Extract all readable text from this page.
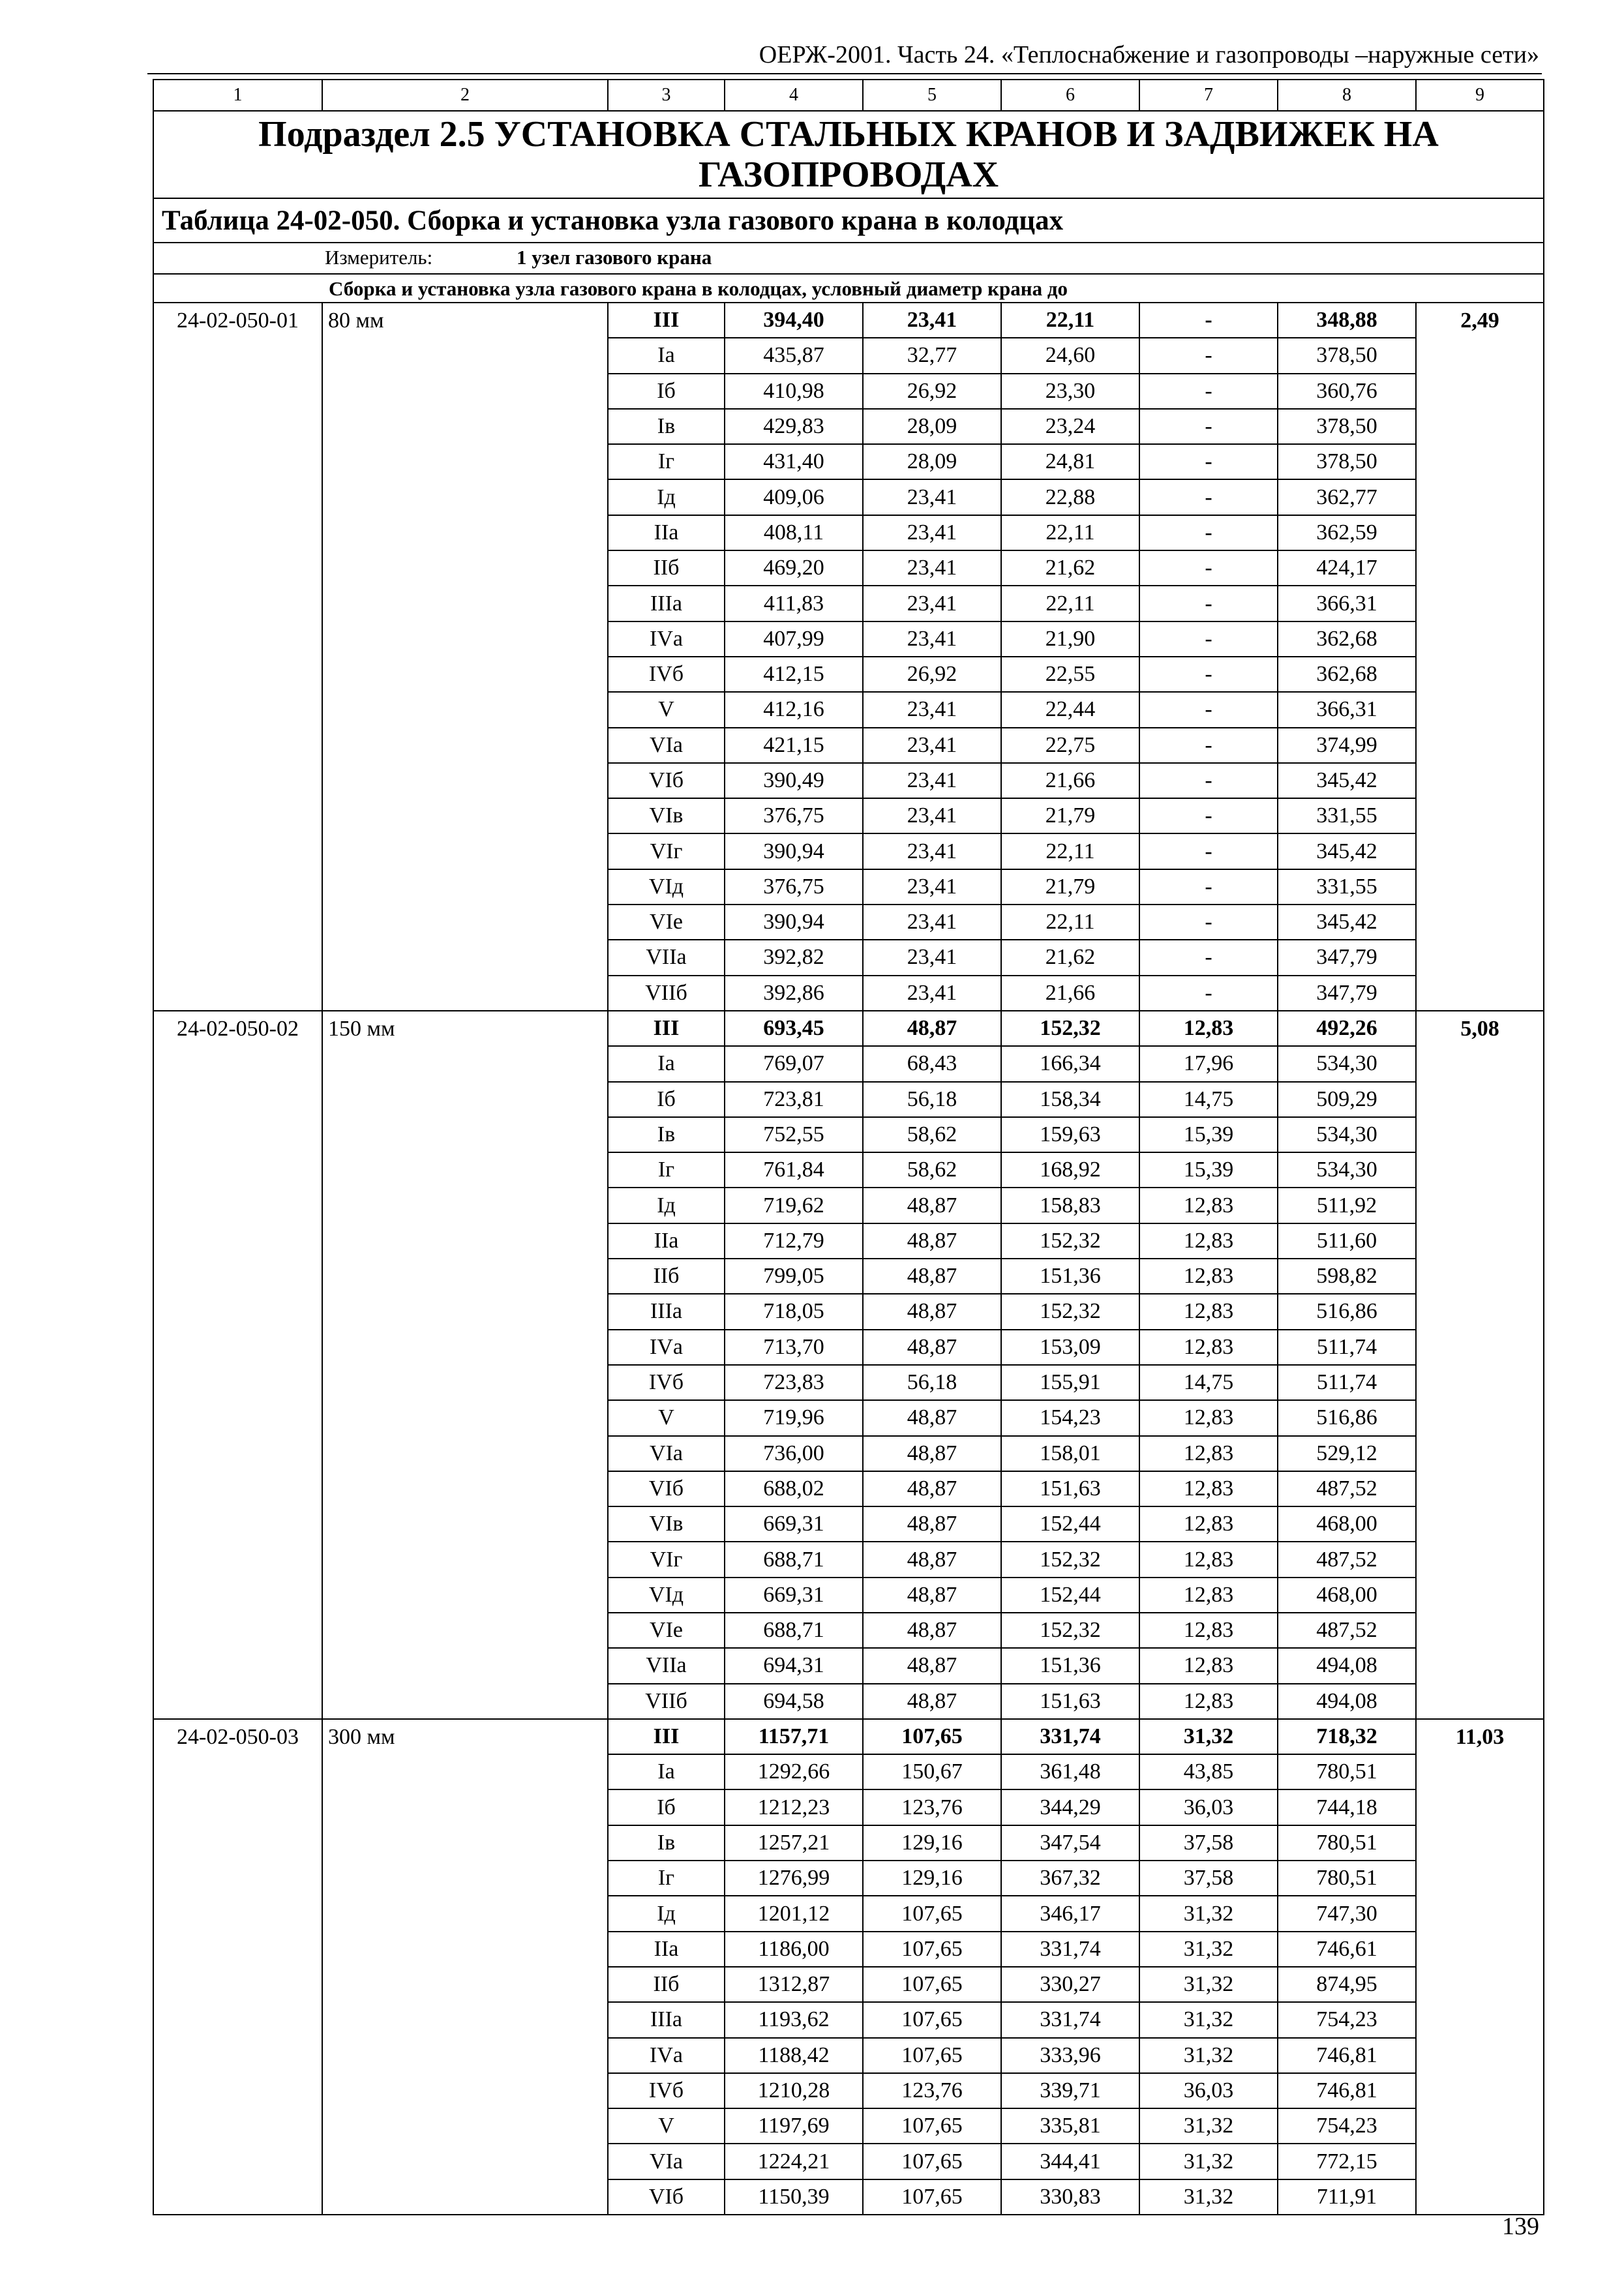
ОЕРЖ-2001. Часть 24. «Теплоснабжение и газопроводы –наружные сети»
1	2	3	4	5	6	7	8	9
Подраздел 2.5 УСТАНОВКА СТАЛЬНЫХ КРАНОВ И ЗАДВИЖЕК НА ГАЗОПРОВОДАХ								
Таблица 24-02-050. Сборка и установка узла газового крана в колодцах								

Измеритель: 1 узел газового крана								

Сборка и установка узла газового крана в колодцах, условный диаметр крана до								
24-02-050-01	80 мм	III	394,40	23,41	22,11	-	348,88	2,49
		Iа	435,87	32,77	24,60	-	378,50	
		Iб	410,98	26,92	23,30	-	360,76	
		Iв	429,83	28,09	23,24	-	378,50	
		Iг	431,40	28,09	24,81	-	378,50	
		Iд	409,06	23,41	22,88	-	362,77	
		IIа	408,11	23,41	22,11	-	362,59	
		IIб	469,20	23,41	21,62	-	424,17	
		IIIа	411,83	23,41	22,11	-	366,31	
		IVа	407,99	23,41	21,90	-	362,68	
		IVб	412,15	26,92	22,55	-	362,68	
		V	412,16	23,41	22,44	-	366,31	
		VIа	421,15	23,41	22,75	-	374,99	
		VIб	390,49	23,41	21,66	-	345,42	
		VIв	376,75	23,41	21,79	-	331,55	
		VIг	390,94	23,41	22,11	-	345,42	
		VIд	376,75	23,41	21,79	-	331,55	
		VIе	390,94	23,41	22,11	-	345,42	
		VIIа	392,82	23,41	21,62	-	347,79	
		VIIб	392,86	23,41	21,66	-	347,79	
24-02-050-02	150 мм	III	693,45	48,87	152,32	12,83	492,26	5,08
		Iа	769,07	68,43	166,34	17,96	534,30	
		Iб	723,81	56,18	158,34	14,75	509,29	
		Iв	752,55	58,62	159,63	15,39	534,30	
		Iг	761,84	58,62	168,92	15,39	534,30	
		Iд	719,62	48,87	158,83	12,83	511,92	
		IIа	712,79	48,87	152,32	12,83	511,60	
		IIб	799,05	48,87	151,36	12,83	598,82	
		IIIа	718,05	48,87	152,32	12,83	516,86	
		IVа	713,70	48,87	153,09	12,83	511,74	
		IVб	723,83	56,18	155,91	14,75	511,74	
		V	719,96	48,87	154,23	12,83	516,86	
		VIа	736,00	48,87	158,01	12,83	529,12	
		VIб	688,02	48,87	151,63	12,83	487,52	
		VIв	669,31	48,87	152,44	12,83	468,00	
		VIг	688,71	48,87	152,32	12,83	487,52	
		VIд	669,31	48,87	152,44	12,83	468,00	
		VIе	688,71	48,87	152,32	12,83	487,52	
		VIIа	694,31	48,87	151,36	12,83	494,08	
		VIIб	694,58	48,87	151,63	12,83	494,08	
24-02-050-03	300 мм	III	1157,71	107,65	331,74	31,32	718,32	11,03
		Iа	1292,66	150,67	361,48	43,85	780,51	
		Iб	1212,23	123,76	344,29	36,03	744,18	
		Iв	1257,21	129,16	347,54	37,58	780,51	
		Iг	1276,99	129,16	367,32	37,58	780,51	
		Iд	1201,12	107,65	346,17	31,32	747,30	
		IIа	1186,00	107,65	331,74	31,32	746,61	
		IIб	1312,87	107,65	330,27	31,32	874,95	
		IIIа	1193,62	107,65	331,74	31,32	754,23	
		IVа	1188,42	107,65	333,96	31,32	746,81	
		IVб	1210,28	123,76	339,71	36,03	746,81	
		V	1197,69	107,65	335,81	31,32	754,23	
		VIа	1224,21	107,65	344,41	31,32	772,15	
		VIб	1150,39	107,65	330,83	31,32	711,91	
139
